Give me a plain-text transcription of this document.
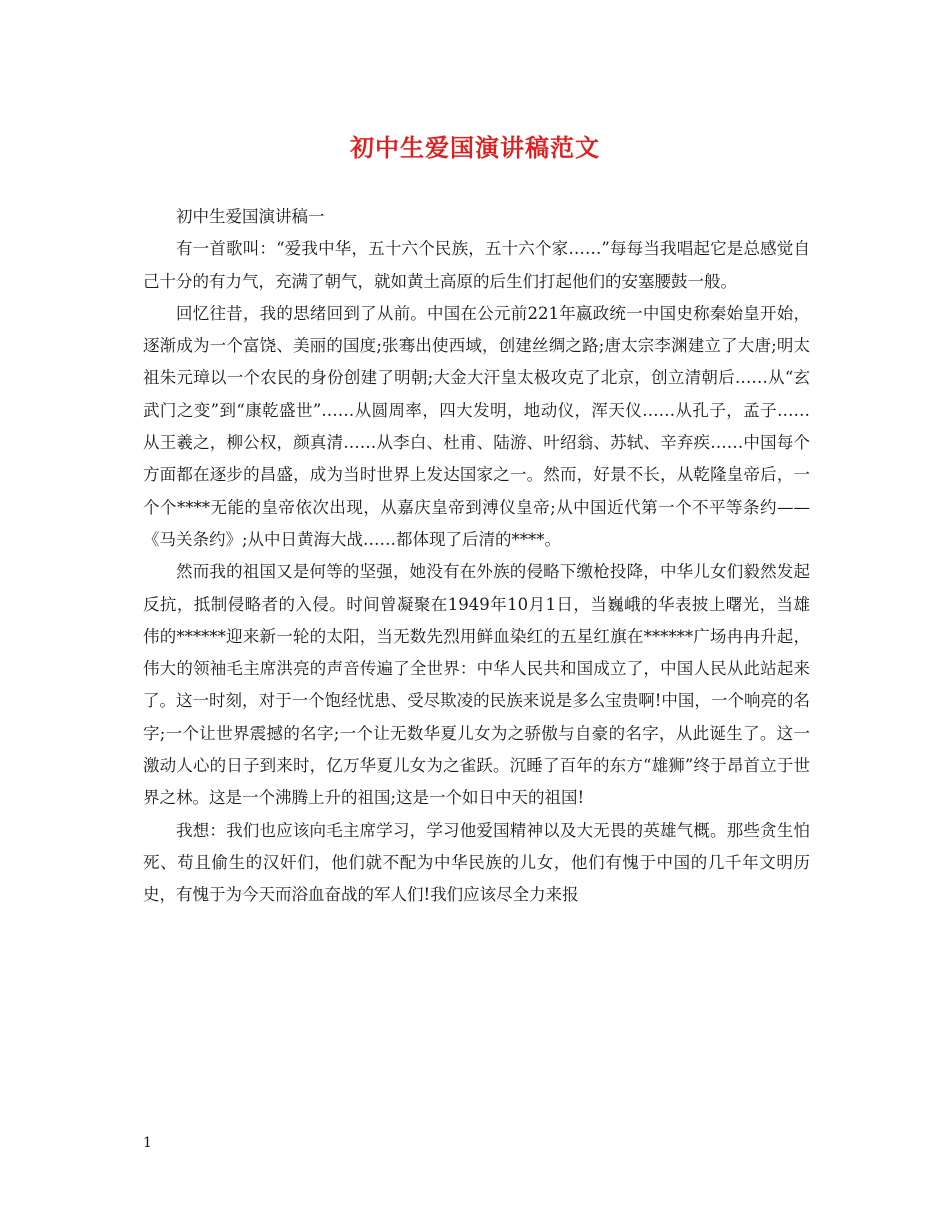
初中生爱国演讲稿范文

初中生爱国演讲稿一

有一首歌叫：“爱我中华，五十六个民族，五十六个家……”每每当我唱起它是总感觉自己十分的有力气，充满了朝气，就如黄土高原的后生们打起他们的安塞腰鼓一般。

回忆往昔，我的思绪回到了从前。中国在公元前221年嬴政统一中国史称秦始皇开始，逐渐成为一个富饶、美丽的国度;张骞出使西域，创建丝绸之路;唐太宗李渊建立了大唐;明太祖朱元璋以一个农民的身份创建了明朝;大金大汗皇太极攻克了北京，创立清朝后……从“玄武门之变”到“康乾盛世”……从圆周率，四大发明，地动仪，浑天仪……从孔子，孟子……从王羲之，柳公权，颜真清……从李白、杜甫、陆游、叶绍翁、苏轼、辛弃疾……中国每个方面都在逐步的昌盛，成为当时世界上发达国家之一。然而，好景不长，从乾隆皇帝后，一个个****无能的皇帝依次出现，从嘉庆皇帝到溥仪皇帝;从中国近代第一个不平等条约——《马关条约》;从中日黄海大战……都体现了后清的****。

然而我的祖国又是何等的坚强，她没有在外族的侵略下缴枪投降，中华儿女们毅然发起反抗，抵制侵略者的入侵。时间曾凝聚在1949年10月1日，当巍峨的华表披上曙光，当雄伟的******迎来新一轮的太阳，当无数先烈用鲜血染红的五星红旗在******广场冉冉升起，伟大的领袖毛主席洪亮的声音传遍了全世界：中华人民共和国成立了，中国人民从此站起来了。这一时刻，对于一个饱经忧患、受尽欺凌的民族来说是多么宝贵啊!中国，一个响亮的名字;一个让世界震撼的名字;一个让无数华夏儿女为之骄傲与自豪的名字，从此诞生了。这一激动人心的日子到来时，亿万华夏儿女为之雀跃。沉睡了百年的东方“雄狮”终于昂首立于世界之林。这是一个沸腾上升的祖国;这是一个如日中天的祖国!

我想：我们也应该向毛主席学习，学习他爱国精神以及大无畏的英雄气概。那些贪生怕死、苟且偷生的汉奸们，他们就不配为中华民族的儿女，他们有愧于中国的几千年文明历史，有愧于为今天而浴血奋战的军人们!我们应该尽全力来报

1
